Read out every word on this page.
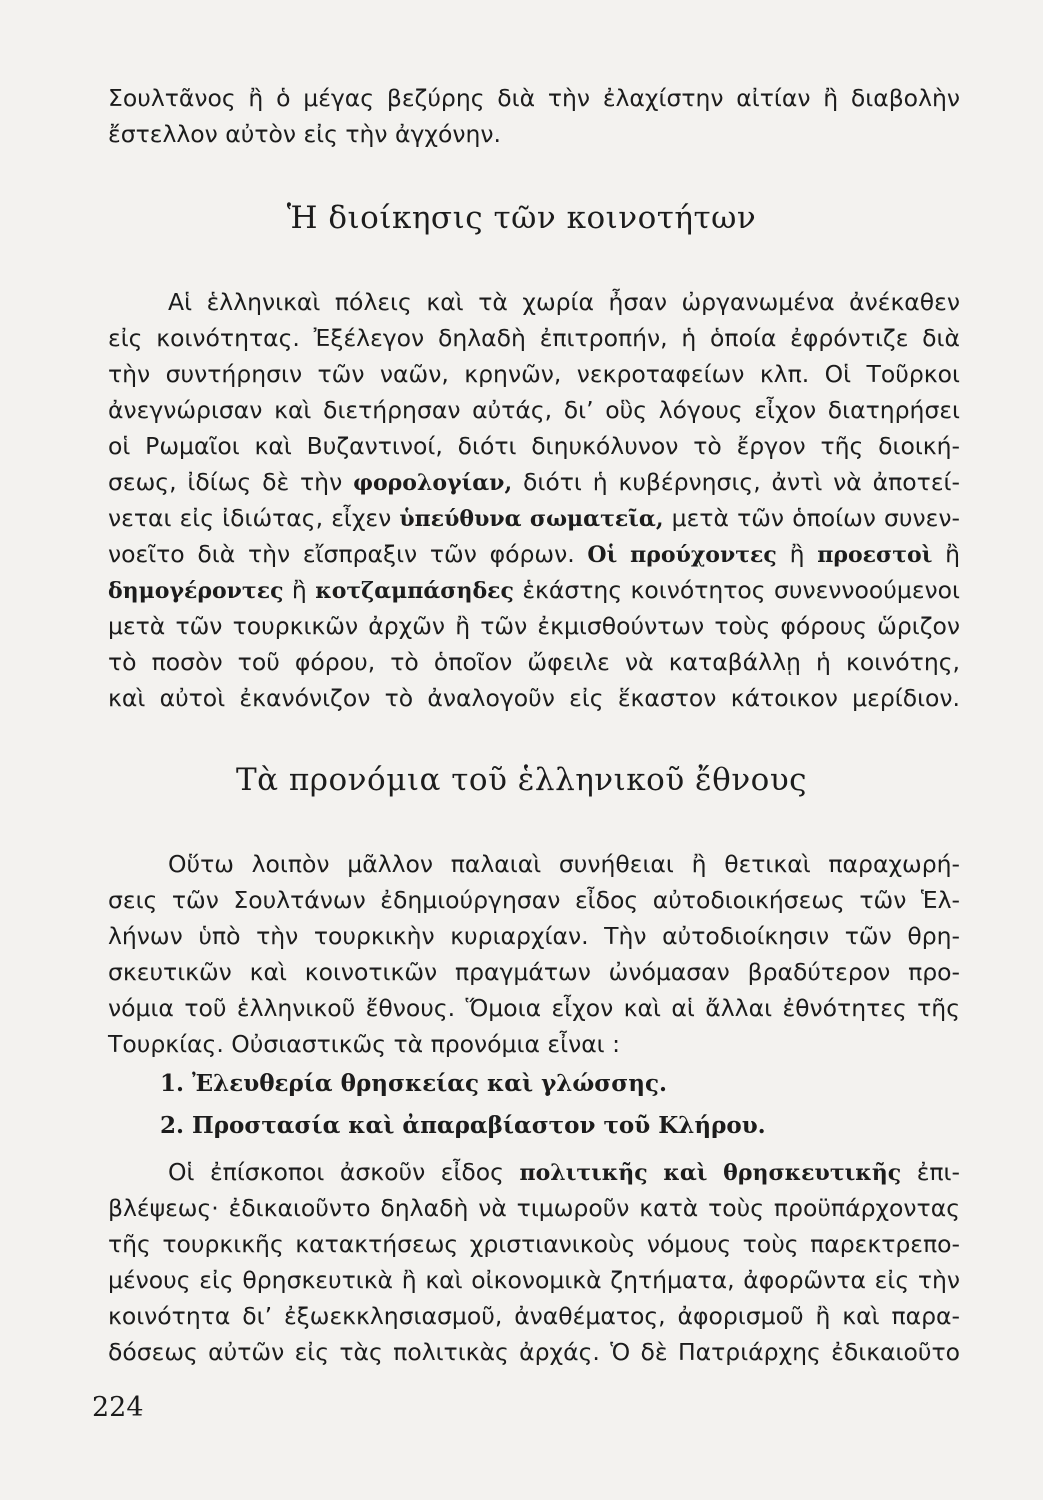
Σουλτᾶνος ἢ ὁ μέγας βεζύρης διὰ τὴν ἐλαχίστην αἰτίαν ἢ διαβολὴν
ἔστελλον αὐτὸν εἰς τὴν ἀγχόνην.
Ἡ διοίκησις τῶν κοινοτήτων
Αἱ ἑλληνικαὶ πόλεις καὶ τὰ χωρία ἦσαν ὠργανωμένα ἀνέκαθεν
εἰς κοινότητας. Ἐξέλεγον δηλαδὴ ἐπιτροπήν, ἡ ὁποία ἐφρόντιζε διὰ
τὴν συντήρησιν τῶν ναῶν, κρηνῶν, νεκροταφείων κλπ. Οἱ Τοῦρκοι
ἀνεγνώρισαν καὶ διετήρησαν αὐτάς, δι’ οὓς λόγους εἶχον διατηρήσει
οἱ Ρωμαῖοι καὶ Βυζαντινοί, διότι διηυκόλυνον τὸ ἔργον τῆς διοική-
σεως, ἰδίως δὲ τὴν φορολογίαν, διότι ἡ κυβέρνησις, ἀντὶ νὰ ἀποτεί-
νεται εἰς ἰδιώτας, εἶχεν ὑπεύθυνα σωματεῖα, μετὰ τῶν ὁποίων συνεν-
νοεῖτο διὰ τὴν εἴσπραξιν τῶν φόρων. Οἱ προύχοντες ἢ προεστοὶ ἢ
δημογέροντες ἢ κοτζαμπάσηδες ἑκάστης κοινότητος συνεννοούμενοι
μετὰ τῶν τουρκικῶν ἀρχῶν ἢ τῶν ἐκμισθούντων τοὺς φόρους ὥριζον
τὸ ποσὸν τοῦ φόρου, τὸ ὁποῖον ὤφειλε νὰ καταβάλλῃ ἡ κοινότης,
καὶ αὐτοὶ ἐκανόνιζον τὸ ἀναλογοῦν εἰς ἕκαστον κάτοικον μερίδιον.
Τὰ προνόμια τοῦ ἑλληνικοῦ ἔθνους
Οὕτω λοιπὸν μᾶλλον παλαιαὶ συνήθειαι ἢ θετικαὶ παραχωρή-
σεις τῶν Σουλτάνων ἐδημιούργησαν εἶδος αὐτοδιοικήσεως τῶν Ἑλ-
λήνων ὑπὸ τὴν τουρκικὴν κυριαρχίαν. Τὴν αὐτοδιοίκησιν τῶν θρη-
σκευτικῶν καὶ κοινοτικῶν πραγμάτων ὠνόμασαν βραδύτερον προ-
νόμια τοῦ ἑλληνικοῦ ἔθνους. Ὅμοια εἶχον καὶ αἱ ἄλλαι ἐθνότητες τῆς
Τουρκίας. Οὐσιαστικῶς τὰ προνόμια εἶναι :
1. Ἐλευθερία θρησκείας καὶ γλώσσης.
2. Προστασία καὶ ἀπαραβίαστον τοῦ Κλήρου.
Οἱ ἐπίσκοποι ἀσκοῦν εἶδος πολιτικῆς καὶ θρησκευτικῆς ἐπι-
βλέψεως· ἐδικαιοῦντο δηλαδὴ νὰ τιμωροῦν κατὰ τοὺς προϋπάρχοντας
τῆς τουρκικῆς κατακτήσεως χριστιανικοὺς νόμους τοὺς παρεκτρεπο-
μένους εἰς θρησκευτικὰ ἢ καὶ οἰκονομικὰ ζητήματα, ἀφορῶντα εἰς τὴν
κοινότητα δι’ ἐξωεκκλησιασμοῦ, ἀναθέματος, ἀφορισμοῦ ἢ καὶ παρα-
δόσεως αὐτῶν εἰς τὰς πολιτικὰς ἀρχάς. Ὁ δὲ Πατριάρχης ἐδικαιοῦτο
224
